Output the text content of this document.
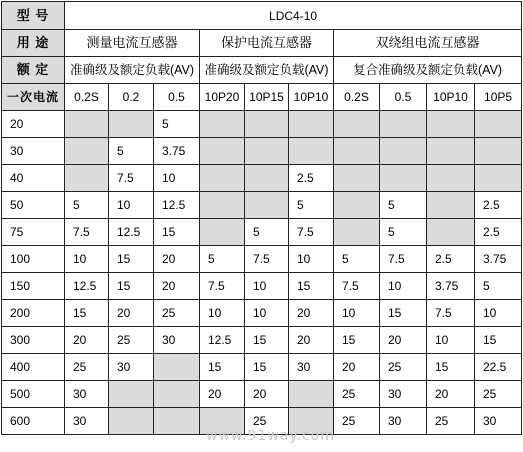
型 号	LDC4-10									
用 途	测量电流互感器			保护电流互感器			双绕组电流互感器			
额 定	准确级及额定负载(AV)			准确级及额定负载(AV)			复合准确级及额定负载(AV)			
一次电流	0.2S	0.2	0.5	10P20	10P15	10P10	0.2S	0.5	10P10	10P5
20			5							
30		5	3.75							
40		7.5	10			2.5				
50	5	10	12.5			5		5		2.5
75	7.5	12.5	15		5	7.5		5		2.5
100	10	15	20	5	7.5	10	5	7.5	2.5	3.75
150	12.5	15	20	7.5	10	15	7.5	10	3.75	5
200	15	20	25	10	10	20	10	15	7.5	10
300	20	25	30	12.5	15	20	15	20	10	15
400	25	30		15	15	30	20	25	15	22.5
500	30			20	20		25	30	20	25
600	30				25		25	30	25	30
www.91way.com
